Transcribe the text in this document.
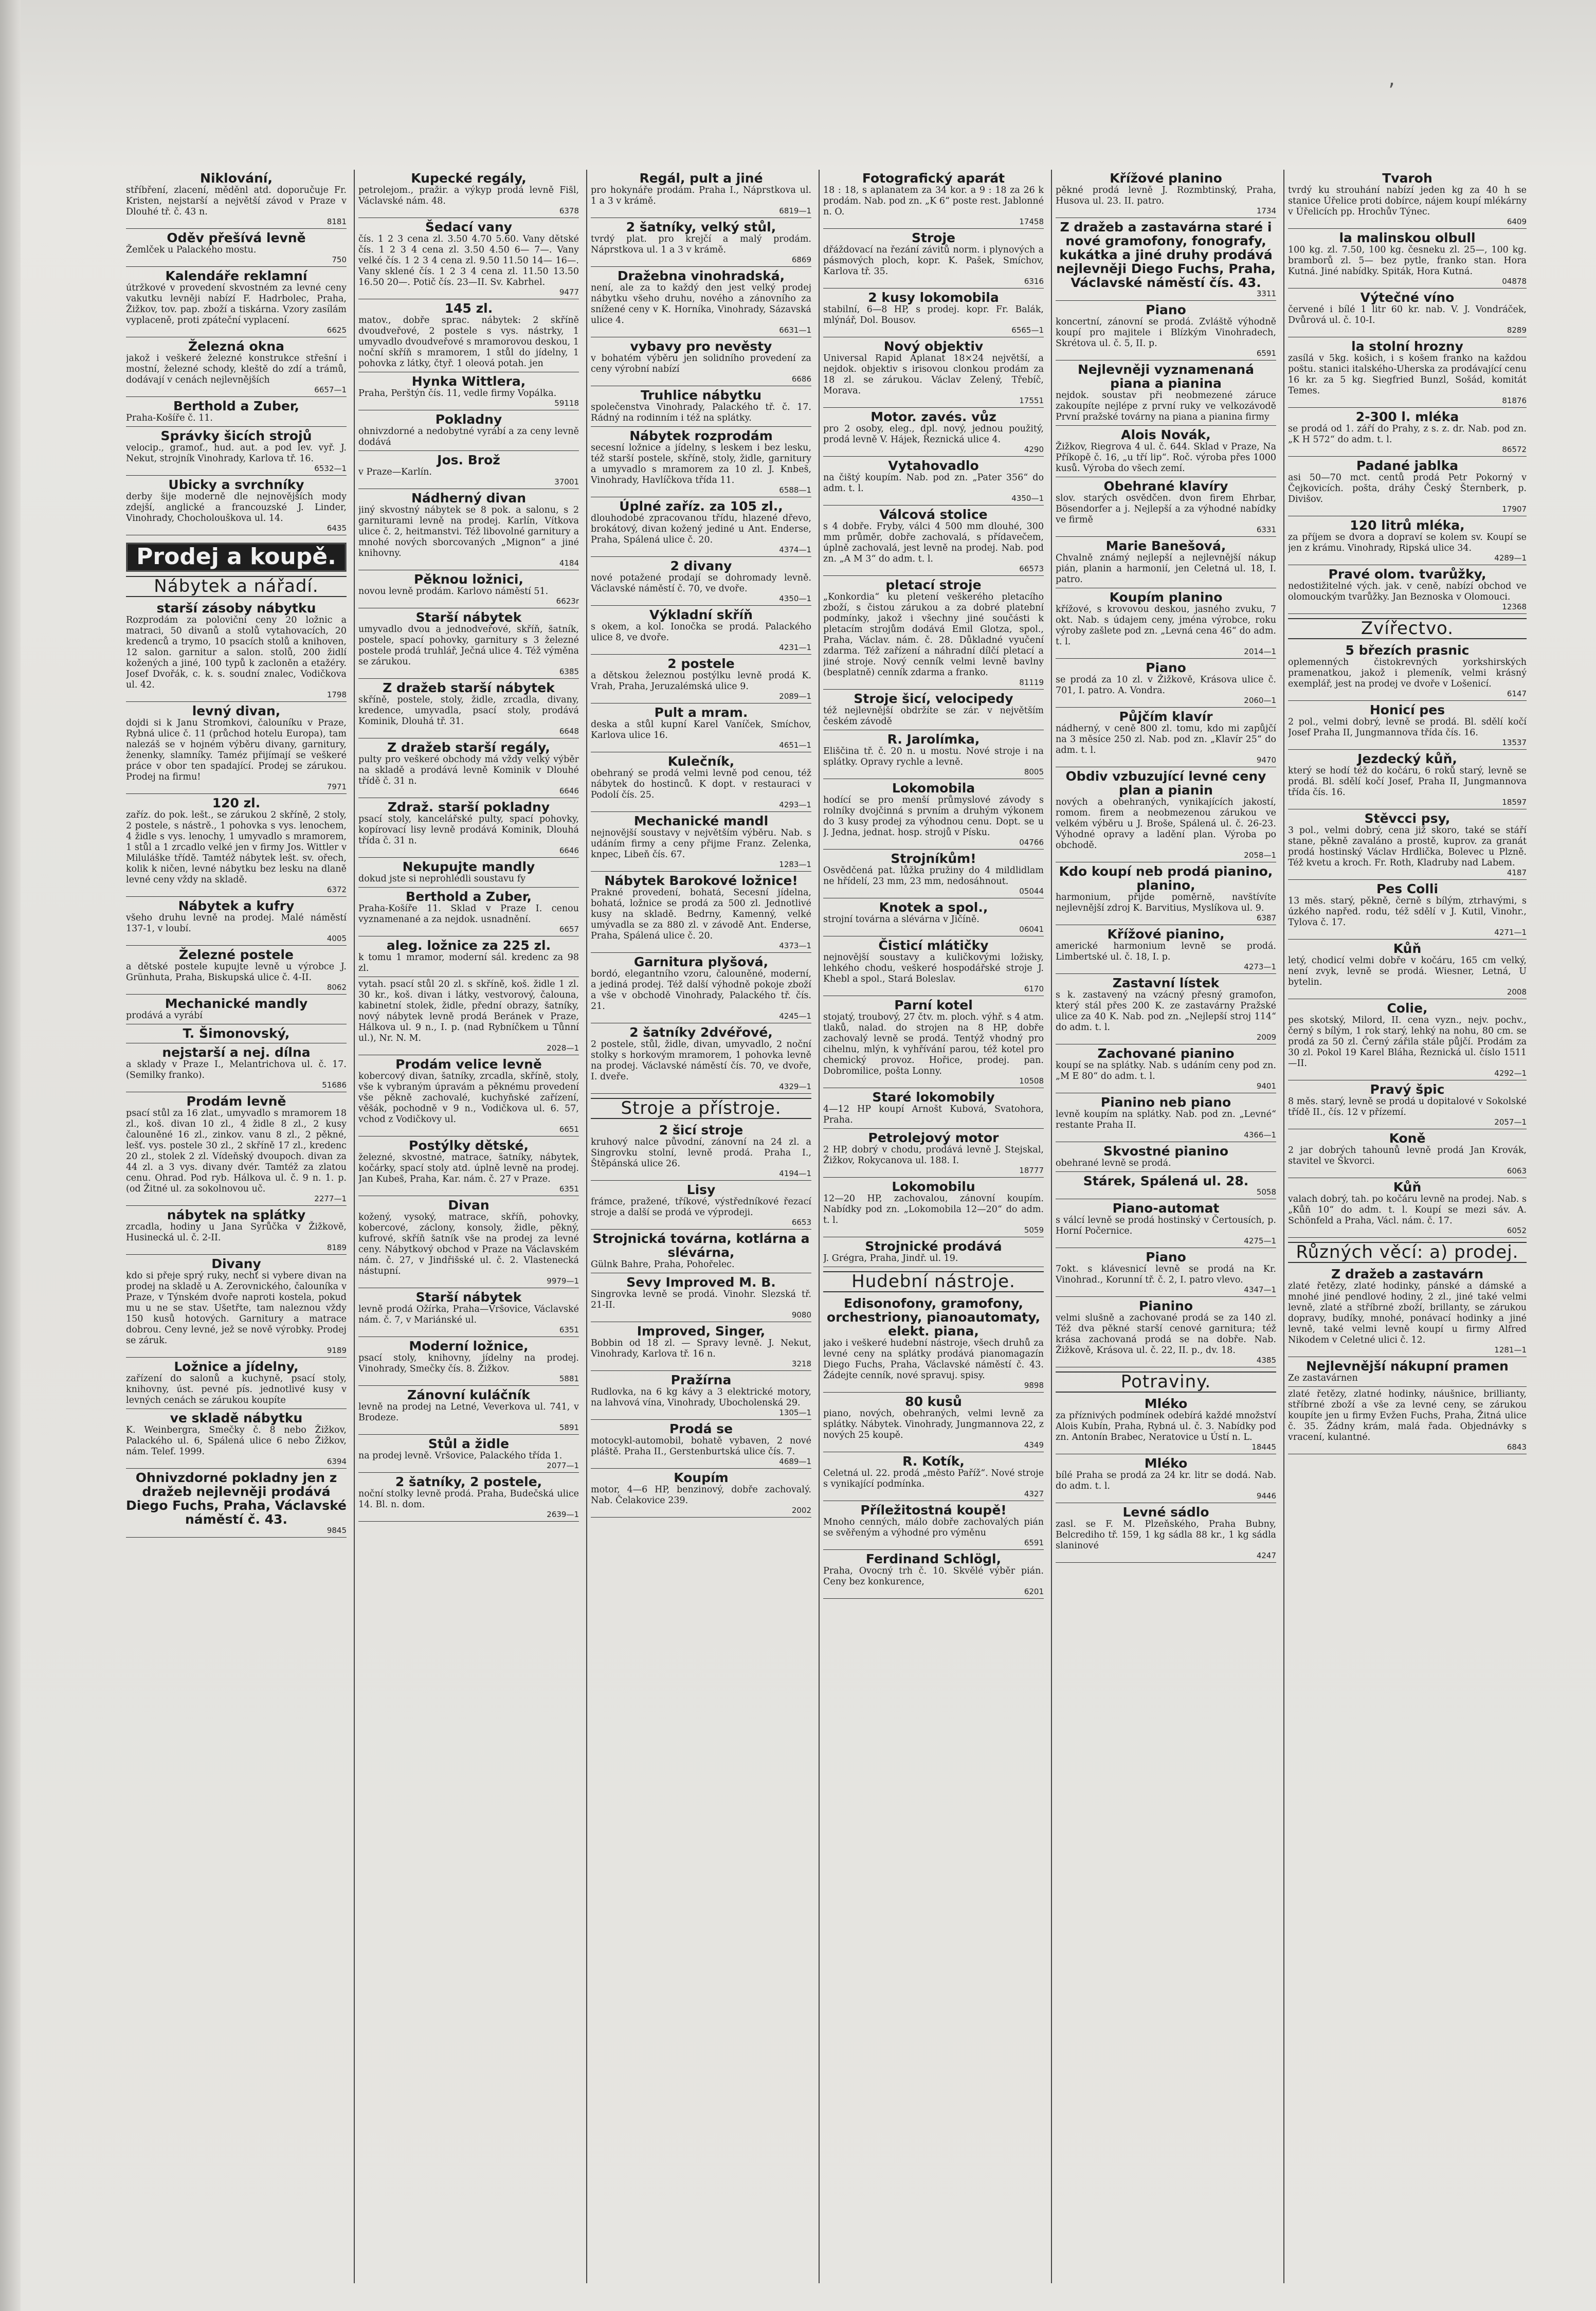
‚
Niklování,
stříbření, zlacení, měděnl atd. doporučuje Fr. Kristen, nejstarší a největší závod v Praze v Dlouhé tř. č. 43 n.
8181
Oděv přešívá levně
Žemlček u Palackého mostu.
750
Kalendáře reklamní
útržkové v provedení skvostném za levné ceny vakutku levněji nabízí F. Hadrbolec, Praha, Žižkov, tov. pap. zboží a tiskárna. Vzory zasílám vyplaceně, proti zpáteční vyplacení.
6625
Železná okna
jakož i veškeré železné konstrukce střešní i mostní, železné schody, kleště do zdí a trámů, dodávají v cenách nejlevnějších
6657—1
Berthold a Zuber,
Praha-Košíře č. 11.
Správky šicích strojů
velocip., gramof., hud. aut. a pod lev. vyř. J. Nekut, strojník Vinohrady, Karlova tř. 16.
6532—1
Ubicky a svrchníky
derby šije moderně dle nejnovějších mody zdejší, anglické a francouzské J. Linder, Vinohrady, Chocholouškova ul. 14.
6435
Prodej a koupě.
Nábytek a nářadí.
starší zásoby nábytku
Rozprodám za poloviční ceny 20 ložnic a matraci, 50 divanů a stolů vytahovacích, 20 kredenců a trymo, 10 psacích stolů a knihoven, 12 salon. garnitur a salon. stolů, 200 židlí kožených a jiné, 100 typů k zacloněn a etažéry. Josef Dvořák, c. k. s. soudní znalec, Vodičkova ul. 42.
1798
levný divan,
dojdi si k Janu Stromkovi, čalouníku v Praze, Rybná ulice č. 11 (průchod hotelu Europa), tam nalezáš se v hojném výběru divany, garnitury, ženenky, slamníky. Taméz přijímají se veškeré práce v obor ten spadající. Prodej se zárukou. Prodej na firmu!
7971
120 zl.
zaříz. do pok. lešt., se zárukou 2 skříně, 2 stoly, 2 postele, s nástrě., 1 pohovka s vys. lenochem, 4 židle s vys. lenochy, 1 umyvadlo s mramorem, 1 stůl a 1 zrcadlo velké jen v firmy Jos. Wittler v Miluláške třídě. Tamtéž nábytek lešt. sv. ořech, kolik k ničen, levné nábytku bez lesku na dlaně levné ceny vždy na skladě.
6372
Nábytek a kufry
všeho druhu levně na prodej. Malé náměstí 137-1, v loubí.
4005
Železné postele
a dětské postele kupujte levně u výrobce J. Grünhuta, Praha, Biskupská ulice č. 4-II.
8062
Mechanické mandly
prodává a vyrábí
T. Šimonovský,
nejstarší a nej. dílna
a sklady v Praze I., Melantrichova ul. č. 17. (Semilky franko).
51686
Prodám levně
psací stůl za 16 zlat., umyvadlo s mramorem 18 zl., koš. divan 10 zl., 4 židle 8 zl., 2 kusy čalouněné 16 zl., zinkov. vanu 8 zl., 2 pěkné, lešť. vys. postele 30 zl., 2 skříně 17 zl., kredenc 20 zl., stolek 2 zl. Vídeňský dvoupoch. divan za 44 zl. a 3 vys. divany dvér. Tamtéž za zlatou cenu. Ohrad. Pod ryb. Hálkova ul. č. 9 n. 1. p. (od Žitné ul. za sokolnovou uč.
2277—1
nábytek na splátky
zrcadla, hodiny u Jana Syrůčka v Žižkově, Husinecká ul. č. 2-II.
8189
Divany
kdo si přeje sprý ruky, nechť si vybere divan na prodej na skladě u A. Zerovnického, čalouníka v Praze, v Týnském dvoře naproti kostela, pokud mu u ne se stav. Ušetřte, tam naleznou vždy 150 kusů hotových. Garnitury a matrace dobrou. Ceny levné, jež se nově výrobky. Prodej se záruk.
9189
Ložnice a jídelny,
zařízení do salonů a kuchyně, psací stoly, knihovny, úst. pevné pís. jednotlivé kusy v levných cenách se zárukou koupíte
ve skladě nábytku
K. Weinbergra, Smečky č. 8 nebo Žižkov, Palackého ul. 6, Spálená ulice 6 nebo Žižkov, nám. Telef. 1999.
6394
Ohnivzdorné pokladny jen z dražeb nejlevněji prodává Diego Fuchs, Praha, Václavské náměstí č. 43.
9845
Kupecké regály,
petrolejom., pražir. a výkyp prodá levně Fišl, Václavské nám. 48.
6378
Šedací vany
čís. 1 2 3 cena zl. 3.50 4.70 5.60. Vany dětské čís. 1 2 3 4 cena zl. 3.50 4.50 6— 7—. Vany velké čís. 1 2 3 4 cena zl. 9.50 11.50 14— 16—. Vany sklené čís. 1 2 3 4 cena zl. 11.50 13.50 16.50 20—. Potič čís. 23—II. Sv. Kabrhel.
9477
145 zl.
matov., dobře sprac. nábytek: 2 skříně dvoudveřové, 2 postele s vys. nástrky, 1 umyvadlo dvoudveřové s mramorovou deskou, 1 noční skříň s mramorem, 1 stůl do jídelny, 1 pohovka z látky, čtyř. 1 oleová potah. jen
Hynka Wittlera,
Praha, Perštýn čís. 11, vedle firmy Vopálka.
59118
Pokladny
ohnivzdorné a nedobytné vyrábí a za ceny levně dodává
Jos. Brož
v Praze—Karlín.
37001
Nádherný divan
jiný skvostný nábytek se 8 pok. a salonu, s 2 garniturami levně na prodej. Karlín, Vítkova ulice č. 2, heitmanstvi. Též libovolné garnitury a mnohé nových sborcovaných „Mignon“ a jiné knihovny.
4184
Pěknou ložnici,
novou levně prodám. Karlovo náměstí 51.
6623r
Starší nábytek
umyvadlo dvou a jednodveřové, skříň, šatník, postele, spací pohovky, garnitury s 3 železné postele prodá truhlář, Ječná ulice 4. Též výměna se zárukou.
6385
Z dražeb starší nábytek
skříně, postele, stoly, židle, zrcadla, divany, kredence, umyvadla, psací stoly, prodává Kominik, Dlouhá tř. 31.
6648
Z dražeb starší regály,
pulty pro veškeré obchody má vždy velký výběr na skladě a prodává levně Kominik v Dlouhé třídě č. 31 n.
6646
Zdraž. starší pokladny
psací stoly, kancelářské pulty, spací pohovky, kopírovací lisy levně prodává Kominik, Dlouhá třída č. 31 n.
6646
Nekupujte mandly
dokud jste si neprohlédli soustavu fy
Berthold a Zuber,
Praha-Košíře 11. Sklad v Praze I. cenou vyznamenané a za nejdok. usnadnění.
6657
aleg. ložnice za 225 zl.
k tomu 1 mramor, moderní sál. kredenc za 98 zl.
vytah. psací stůl 20 zl. s skříně, koš. židle 1 zl. 30 kr., koš. divan i látky, vestvorový, čalouna, kabinetní stolek, židle, přední obrazy, šatníky, nový nábytek levně prodá Beránek v Praze, Hálkova ul. 9 n., I. p. (nad Rybníčkem u Tůnní ul.), Nr. N. M.
2028—1
Prodám velice levně
kobercový divan, šatníky, zrcadla, skříně, stoly, vše k vybraným úpravám a pěknému provedení vše pěkně zachovalé, kuchyňské zařízení, věšák, pochodně v 9 n., Vodičkova ul. 6. 57, vchod z Vodičkovy ul.
6651
Postýlky dětské,
železné, skvostné, matrace, šatníky, nábytek, kočárky, spací stoly atd. úplně levně na prodej. Jan Kubeš, Praha, Kar. nám. č. 27 v Praze.
6351
Divan
kožený, vysoký, matrace, skříň, pohovky, kobercové, záclony, konsoly, židle, pěkný, kufrové, skříň šatník vše na prodej za levné ceny. Nábytkový obchod v Praze na Václavském nám. č. 27, v Jindřišské ul. č. 2. Vlastenecká nástupní.
9979—1
Starší nábytek
levně prodá Ožírka, Praha—Vršovice, Václavské nám. č. 7, v Mariánské ul.
6351
Moderní ložnice,
psací stoly, knihovny, jídelny na prodej. Vinohrady, Smečky čís. 8. Žižkov.
5881
Zánovní kuláčník
levně na prodej na Letné, Veverkova ul. 741, v Brodeze.
5891
Stůl a židle
na prodej levně. Vršovice, Palackého třída 1.
2077—1
2 šatníky, 2 postele,
noční stolky levně prodá. Praha, Budečská ulice 14. Bl. n. dom.
2639—1
Regál, pult a jiné
pro hokynáře prodám. Praha I., Náprstkova ul. 1 a 3 v krámě.
6819—1
2 šatníky, velký stůl,
tvrdý plat. pro krejčí a malý prodám. Náprstkova ul. 1 a 3 v krámě.
6869
Dražebna vinohradská,
není, ale za to každý den jest velký prodej nábytku všeho druhu, nového a zánovního za snížené ceny v K. Horníka, Vinohrady, Sázavská ulice 4.
6631—1
vybavy pro nevěsty
v bohatém výběru jen solidního provedení za ceny výrobní nabízí
6686
Truhlice nábytku
společenstva Vinohrady, Palackého tř. č. 17. Rádný na rodinním i též na splátky.
Nábytek rozprodám
secesní ložnice a jídelny, s leskem i bez lesku, též starší postele, skříně, stoly, židle, garnitury a umyvadlo s mramorem za 10 zl. J. Knbeš, Vinohrady, Havlíčkova třída 11.
6588—1
Úplné zaříz. za 105 zl.,
dlouhodobé zpracovanou třídu, hlazené dřevo, brokátový, divan kožený jediné u Ant. Enderse, Praha, Spálená ulice č. 20.
4374—1
2 divany
nové potažené prodají se dohromady levně. Václavské náměstí č. 70, ve dvoře.
4350—1
Výkladní skříň
s okem, a kol. Ionočka se prodá. Palackého ulice 8, ve dvoře.
4231—1
2 postele
a dětskou železnou postýlku levně prodá K. Vrah, Praha, Jeruzalémská ulice 9.
2089—1
Pult a mram.
deska a stůl kupní Karel Vaníček, Smíchov, Karlova ulice 16.
4651—1
Kulečník,
obehraný se prodá velmi levně pod cenou, též nábytek do hostinců. K dopt. v restauraci v Podolí čís. 25.
4293—1
Mechanické mandl
nejnovější soustavy v největším výběru. Nab. s udáním firmy a ceny přijme Franz. Zelenka, knpec, Libeň čís. 67.
1283—1
Nábytek Barokové ložnice!
Prakné provedení, bohatá, Secesní jídelna, bohatá, ložnice se prodá za 500 zl. Jednotlivé kusy na skladě. Bedrny, Kamenný, velké umývadla se za 880 zl. v závodě Ant. Enderse, Praha, Spálená ulice č. 20.
4373—1
Garnitura plyšová,
bordó, elegantního vzoru, čalouněné, moderní, a jediná prodej. Též další výhodně pokoje zboží a vše v obchodě Vinohrady, Palackého tř. čís. 21.
4245—1
2 šatníky 2dvéřové,
2 postele, stůl, židle, divan, umyvadlo, 2 noční stolky s horkovým mramorem, 1 pohovka levně na prodej. Václavské náměstí čís. 70, ve dvoře, I. dveře.
4329—1
Stroje a přístroje.
2 šicí stroje
kruhový nalce původní, zánovní na 24 zl. a Singrovku stolní, levně prodá. Praha I., Štěpánská ulice 26.
4194—1
Lisy
frámce, pražené, tříkové, výstředníkové řezací stroje a další se prodá ve výprodeji.
6653
Strojnická továrna, kotlárna a slévárna,
Gülnk Bahre, Praha, Pohořelec.
Sevy Improved M. B.
Singrovka levně se prodá. Vinohr. Slezská tř. 21-II.
9080
Improved, Singer,
Bobbin od 18 zl. — Spravy levně. J. Nekut, Vinohrady, Karlova tř. 16 n.
3218
Pražírna
Rudlovka, na 6 kg kávy a 3 elektrické motory, na lahvová vína, Vinohrady, Ubocholenská 29.
1305—1
Prodá se
motocykl-automobil, bohatě vybaven, 2 nové pláště. Praha II., Gerstenburtská ulice čís. 7.
4689—1
Koupím
motor, 4—6 HP, benzinový, dobře zachovalý. Nab. Čelakovice 239.
2002
Fotografický aparát
18 : 18, s aplanatem za 34 kor. a 9 : 18 za 26 k prodám. Nab. pod zn. „K 6“ poste rest. Jablonné n. O.
17458
Stroje
dřáždovací na řezání závitů norm. i plynových a pásmových ploch, kopr. K. Pašek, Smíchov, Karlova tř. 35.
6316
2 kusy lokomobila
stabilní, 6—8 HP, s prodej. kopr. Fr. Balák, mlýnář, Dol. Bousov.
6565—1
Nový objektiv
Universal Rapid Aplanat 18×24 největší, a nejdok. objektiv s irisovou clonkou prodám za 18 zl. se zárukou. Václav Zelený, Třebíč, Morava.
17551
Motor. zavés. vůz
pro 2 osoby, eleg., dpl. nový, jednou použitý, prodá levně V. Hájek, Řeznická ulice 4.
4290
Vytahovadlo
na čištý koupím. Nab. pod zn. „Pater 356“ do adm. t. l.
4350—1
Válcová stolice
s 4 dobře. Fryby, válci 4 500 mm dlouhé, 300 mm průměr, dobře zachovalá, s přídavečem, úplně zachovalá, jest levně na prodej. Nab. pod zn. „A M 3“ do adm. t. l.
66573
pletací stroje
„Konkordia“ ku pletení veškerého pletacího zboží, s čistou zárukou a za dobré platební podmínky, jakož i všechny jiné součásti k pletacím strojům dodává Emil Glotza, spol., Praha, Václav. nám. č. 28. Důkladné vyučení zdarma. Též zařízení a náhradní dílčí pletací a jiné stroje. Nový cenník velmi levně bavlny (besplatně) cenník zdarma a franko.
81119
Stroje šicí, velocipedy
též nejlevnější obdržíte se zár. v největším českém závodě
R. Jarolímka,
Eliščina tř. č. 20 n. u mostu. Nové stroje i na splátky. Opravy rychle a levně.
8005
Lokomobila
hodící se pro menší průmyslové závody s rolníky dvojčinná s prvním a druhým výkonem do 3 kusy prodej za výhodnou cenu. Dopt. se u J. Jedna, jednat. hosp. strojů v Písku.
04766
Strojníkům!
Osvědčená pat. lůžka pružiny do 4 mildlidlam ne hřídelí, 23 mm, 23 mm, nedosáhnout.
05044
Knotek a spol.,
strojní továrna a slévárna v Jičíně.
06041
Čisticí mlátičky
nejnovější soustavy a kuličkovými ložisky, lehkého chodu, veškeré hospodářské stroje J. Khebl a spol., Stará Boleslav.
6170
Parní kotel
stojatý, troubový, 27 čtv. m. ploch. výhř. s 4 atm. tlaků, nalad. do strojen na 8 HP, dobře zachovalý levně se prodá. Tentýž vhodný pro cihelnu, mlýn, k vyhřívání parou, též kotel pro chemický provoz. Hořice, prodej. pan. Dobromilice, pošta Lonny.
10508
Staré lokomobily
4—12 HP koupí Arnošt Kubová, Svatohora, Praha.
Petrolejový motor
2 HP, dobrý v chodu, prodává levně J. Stejskal, Žižkov, Rokycanova ul. 188. I.
18777
Lokomobilu
12—20 HP, zachovalou, zánovní koupím. Nabídky pod zn. „Lokomobila 12—20“ do adm. t. l.
5059
Strojnické prodává
J. Grégra, Praha, Jindř. ul. 19.
Hudební nástroje.
Edisonofony, gramofony, orchestriony, pianoautomaty, elekt. piana,
jako i veškeré hudební nástroje, všech druhů za levné ceny na splátky prodává pianomagazín Diego Fuchs, Praha, Václavské náměstí č. 43. Žádejte cenník, nové spravuj. spisy.
9898
80 kusů
piano, nových, obehraných, velmi levně za splátky. Nábytek. Vinohrady, Jungmannova 22, z nových 25 koupě.
4349
R. Kotík,
Celetná ul. 22. prodá „město Paříž“. Nové stroje s vynikající podmínka.
4327
Příležitostná koupě!
Mnoho cenných, málo dobře zachovalých pián se svěřeným a výhodné pro výměnu
6591
Ferdinand Schlögl,
Praha, Ovocný trh č. 10. Skvělé výběr pián. Ceny bez konkurence,
6201
Křížové planino
pěkné prodá levně J. Rozmbtinský, Praha, Husova ul. 23. II. patro.
1734
Z dražeb a zastavárna staré i nové gramofony, fonografy, kukátka a jiné druhy prodává nejlevněji Diego Fuchs, Praha, Václavské náměstí čís. 43.
3311
Piano
koncertní, zánovní se prodá. Zvláště výhodně koupí pro majitele i Blízkým Vinohradech, Skrétova ul. č. 5, II. p.
6591
Nejlevněji vyznamenaná piana a pianina
nejdok. soustav při neobmezené záruce zakoupíte nejlépe z první ruky ve velkozávodě První pražské továrny na piana a pianina firmy
Alois Novák,
Žižkov, Riegrova 4 ul. č. 644. Sklad v Praze, Na Příkopě č. 16, „u tří lip“. Roč. výroba přes 1000 kusů. Výroba do všech zemí.
Obehrané klavíry
slov. starých osvědčen. dvon firem Ehrbar, Bösendorfer a j. Nejlepší a za výhodné nabídky ve firmě
6331
Marie Banešová,
Chvalně známý nejlepší a nejlevnější nákup pián, planin a harmonií, jen Celetná ul. 18, I. patro.
Koupím planino
křížové, s krovovou deskou, jasného zvuku, 7 okt. Nab. s údajem ceny, jména výrobce, roku výroby zašlete pod zn. „Levná cena 46“ do adm. t. l.
2014—1
Piano
se prodá za 10 zl. v Žižkově, Krásova ulice č. 701, I. patro. A. Vondra.
2060—1
Půjčím klavír
nádherný, v ceně 800 zl. tomu, kdo mi zapůjčí na 3 měsíce 250 zl. Nab. pod zn. „Klavír 25“ do adm. t. l.
9470
Obdiv vzbuzující levné ceny plan a pianin
nových a obehraných, vynikajících jakostí, romom. firem a neobmezenou zárukou ve velkém výběru u J. Broše, Spálená ul. č. 26-23. Výhodné opravy a ladění plan. Výroba po obchodě.
2058—1
Kdo koupí neb prodá pianino, planino,
harmonium, přijde poměrně, navštívíte nejlevnější zdroj K. Barvitius, Myslíkova ul. 9.
6387
Křížové pianino,
americké harmonium levně se prodá. Limbertské ul. č. 18, I. p.
4273—1
Zastavní lístek
s k. zastavený na vzácný přesný gramofon, který stál přes 200 K. ze zastavárny Pražské ulice za 40 K. Nab. pod zn. „Nejlepší stroj 114“ do adm. t. l.
2009
Zachované pianino
koupí se na splátky. Nab. s udáním ceny pod zn. „M E 80“ do adm. t. l.
9401
Pianino neb piano
levně koupím na splátky. Nab. pod zn. „Levné“ restante Praha II.
4366—1
Skvostné pianino
obehrané levně se prodá.
Stárek, Spálená ul. 28.
5058
Piano-automat
s válcí levně se prodá hostinský v Čertousích, p. Horní Počernice.
4275—1
Piano
7okt. s klávesnicí levně se prodá na Kr. Vinohrad., Korunní tř. č. 2, I. patro vlevo.
4347—1
Pianino
velmi slušně a zachované prodá se za 140 zl. Též dva pěkné starší cenové garnitura; též krása zachovaná prodá se na dobře. Nab. Žižkově, Krásova ul. č. 22, II. p., dv. 18.
4385
Potraviny.
Mléko
za příznivých podmínek odebírá každé množství Alois Kubín, Praha, Rybná ul. č. 3. Nabídky pod zn. Antonín Brabec, Neratovice u Ústí n. L.
18445
Mléko
bílé Praha se prodá za 24 kr. litr se dodá. Nab. do adm. t. l.
9446
Levné sádlo
zasl. se F. M. Plzeňského, Praha Bubny, Belcrediho tř. 159, 1 kg sádla 88 kr., 1 kg sádla slaninové
4247
Tvaroh
tvrdý ku strouhání nabízí jeden kg za 40 h se stanice Úřelice proti dobírce, nájem koupí mlékárny v Úřelicích pp. Hrochův Týnec.
6409
la malinskou olbull
100 kg. zl. 7.50, 100 kg. česneku zl. 25—, 100 kg. bramborů zl. 5— bez pytle, franko stan. Hora Kutná. Jiné nabídky. Spiták, Hora Kutná.
04878
Výtečné víno
červené i bílé 1 litr 60 kr. nab. V. J. Vondráček, Dvůrová ul. č. 10-I.
8289
la stolní hrozny
zasílá v 5kg. košich, i s košem franko na každou poštu. stanici italského-Uherska za prodávající cenu 16 kr. za 5 kg. Siegfried Bunzl, Sošád, komitát Temes.
81876
2-300 l. mléka
se prodá od 1. září do Prahy, z s. z. dr. Nab. pod zn. „K H 572“ do adm. t. l.
86572
Padané jablka
asi 50—70 mct. centů prodá Petr Pokorný v Čejkovicích. pošta, dráhy Český Šternberk, p. Divišov.
17907
120 litrů mléka,
za příjem se dvora a dopraví se kolem sv. Koupí se jen z krámu. Vinohrady, Ripská ulice 34.
4289—1
Pravé olom. tvarůžky,
nedostižitelné vých. jak. v ceně, nabízí obchod ve olomouckým tvarůžky. Jan Beznoska v Olomouci.
12368
Zvířectvo.
5 březích prasnic
oplemenných čistokrevných yorkshirských pramenatkou, jakož i plemeník, velmi krásný exemplář, jest na prodej ve dvoře v Lošenicí.
6147
Honicí pes
2 pol., velmi dobrý, levně se prodá. Bl. sdělí kočí Josef Praha II, Jungmannova třída čís. 16.
13537
Jezdecký kůň,
který se hodí též do kočáru, 6 roků starý, levně se prodá. Bl. sdělí kočí Josef, Praha II, Jungmannova třída čís. 16.
18597
Stěvcci psy,
3 pol., velmi dobrý, cena již skoro, také se stáří stane, pěkně zavaláno a prostě, kuprov. za granát prodá hostinský Václav Hrdlička, Bolevec u Plzně. Též kvetu a kroch. Fr. Roth, Kladruby nad Labem.
4187
Pes Colli
13 měs. starý, pěkně, černě s bílým, ztrhavými, s úzkého napřed. rodu, též sdělí v J. Kutil, Vinohr., Tylova č. 17.
4271—1
Kůň
letý, chodicí velmi dobře v kočáru, 165 cm velký, není zvyk, levně se prodá. Wiesner, Letná, U bytelin.
2008
Colie,
pes skotský, Milord, II. cena vyzn., nejv. pochv., černý s bílým, 1 rok starý, lehký na nohu, 80 cm. se prodá za 50 zl. Černý zářila stále půjčí. Prodám za 30 zl. Pokol 19 Karel Bláha, Řeznická ul. číslo 1511—II.
4292—1
Pravý špic
8 měs. starý, levně se prodá u dopitalové v Sokolské třídě II., čís. 12 v přízemí.
2057—1
Koně
2 jar dobrých tahounů levně prodá Jan Krovák, stavitel ve Škvorci.
6063
Kůň
valach dobrý, tah. po kočáru levně na prodej. Nab. s „Kůň 10“ do adm. t. l. Koupí se mezi sáv. A. Schönfeld a Praha, Václ. nám. č. 17.
6052
Různých věcí: a) prodej.
Z dražeb a zastavárn
zlaté řetězy, zlaté hodinky, pánské a dámské a mnohé jiné pendlové hodiny, 2 zl., jiné také velmi levně, zlaté a stříbrné zboží, brillanty, se zárukou dopravy, budíky, mnohé, ponávací hodinky a jiné levně, také velmi levně koupí u firmy Alfred Nikodem v Celetné ulici č. 12.
1281—1
Nejlevnější nákupní pramen
Ze zastavárnen
zlaté řetězy, zlatné hodinky, náušnice, brillianty, stříbrné zboží a vše za levné ceny, se zárukou koupíte jen u firmy Evžen Fuchs, Praha, Žitná ulice č. 35. Žádny krám, malá řada. Objednávky s vracení, kulantné.
6843
